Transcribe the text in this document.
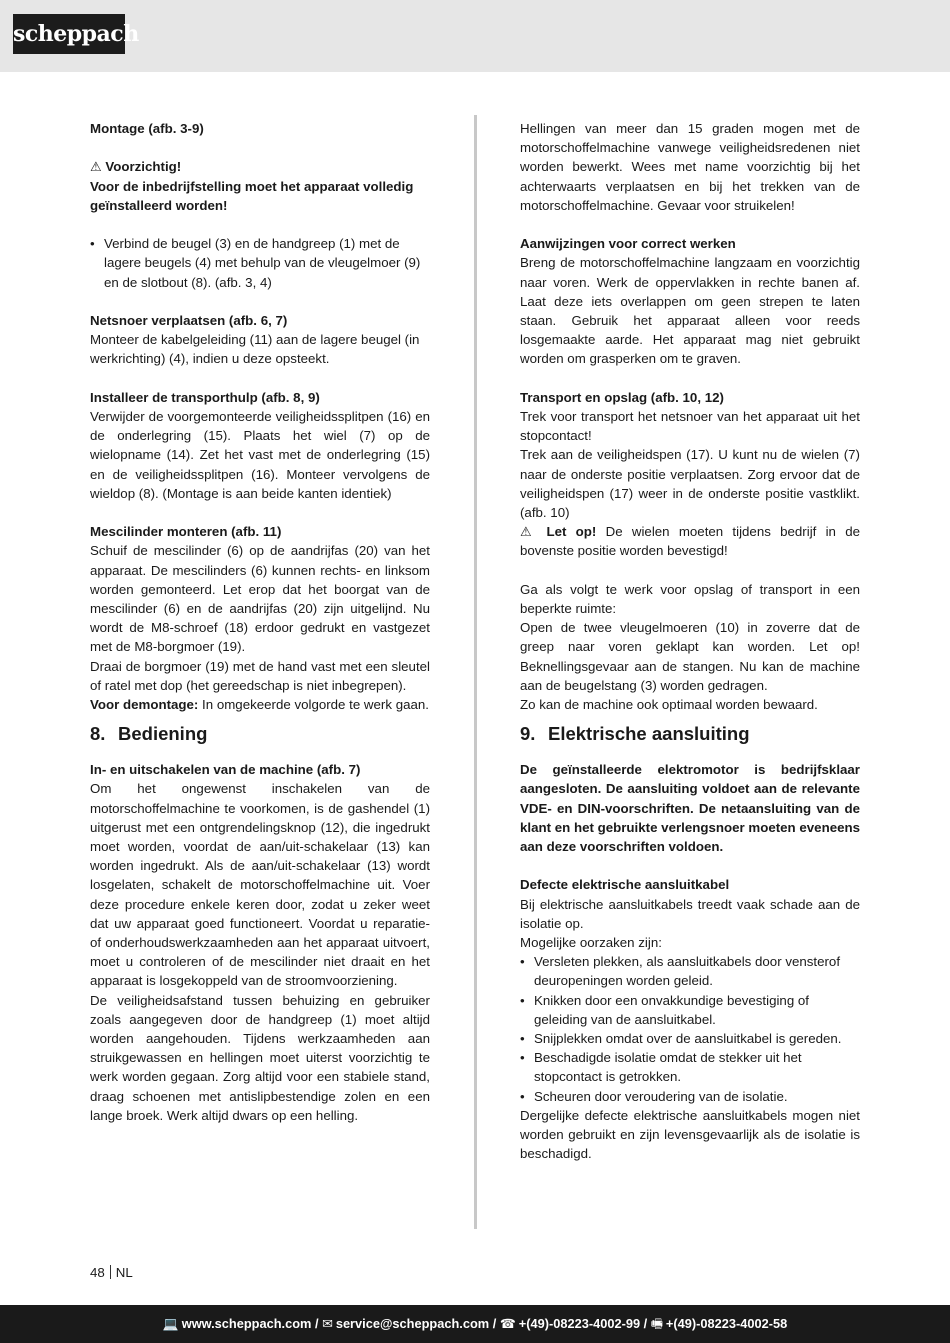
scheppach

Montage (afb. 3-9)

⚠ Voorzichtig!

Voor de inbedrijfstelling moet het apparaat volledig geïnstalleerd worden!

• Verbind de beugel (3) en de handgreep (1) met de lagere beugels (4) met behulp van de vleugelmoer (9) en de slotbout (8). (afb. 3, 4)

Netsnoer verplaatsen (afb. 6, 7)

Monteer de kabelgeleiding (11) aan de lagere beugel (in werkrichting) (4), indien u deze opsteekt.

Installeer de transporthulp (afb. 8, 9)

Verwijder de voorgemonteerde veiligheidssplitpen (16) en de onderlegring (15). Plaats het wiel (7) op de wielopname (14). Zet het vast met de onderlegring (15) en de veiligheidssplitpen (16). Monteer vervolgens de wieldop (8). (Montage is aan beide kanten identiek)

Mescilinder monteren (afb. 11)

Schuif de mescilinder (6) op de aandrijfas (20) van het apparaat. De mescilinders (6) kunnen rechts- en linksom worden gemonteerd. Let erop dat het boorgat van de mescilinder (6) en de aandrijfas (20) zijn uitgelijnd. Nu wordt de M8-schroef (18) erdoor gedrukt en vastgezet met de M8-borgmoer (19).

Draai de borgmoer (19) met de hand vast met een sleutel of ratel met dop (het gereedschap is niet inbegrepen).

Voor demontage: In omgekeerde volgorde te werk gaan.

8. Bediening

In- en uitschakelen van de machine (afb. 7)

Om het ongewenst inschakelen van de motorschoffelmachine te voorkomen, is de gashendel (1) uitgerust met een ontgrendelingsknop (12), die ingedrukt moet worden, voordat de aan/uit-schakelaar (13) kan worden ingedrukt. Als de aan/uit-schakelaar (13) wordt losgelaten, schakelt de motorschoffelmachine uit. Voer deze procedure enkele keren door, zodat u zeker weet dat uw apparaat goed functioneert. Voordat u reparatie- of onderhoudswerkzaamheden aan het apparaat uitvoert, moet u controleren of de mescilinder niet draait en het apparaat is losgekoppeld van de stroomvoorziening.

De veiligheidsafstand tussen behuizing en gebruiker zoals aangegeven door de handgreep (1) moet altijd worden aangehouden. Tijdens werkzaamheden aan struikgewassen en hellingen moet uiterst voorzichtig te werk worden gegaan. Zorg altijd voor een stabiele stand, draag schoenen met antislipbestendige zolen en een lange broek. Werk altijd dwars op een helling.

Hellingen van meer dan 15 graden mogen met de motorschoffelmachine vanwege veiligheidsredenen niet worden bewerkt. Wees met name voorzichtig bij het achterwaarts verplaatsen en bij het trekken van de motorschoffelmachine. Gevaar voor struikelen!

Aanwijzingen voor correct werken

Breng de motorschoffelmachine langzaam en voorzichtig naar voren. Werk de oppervlakken in rechte banen af. Laat deze iets overlappen om geen strepen te laten staan. Gebruik het apparaat alleen voor reeds losgemaakte aarde. Het apparaat mag niet gebruikt worden om grasperken om te graven.

Transport en opslag (afb. 10, 12)

Trek voor transport het netsnoer van het apparaat uit het stopcontact!

Trek aan de veiligheidspen (17). U kunt nu de wielen (7) naar de onderste positie verplaatsen. Zorg ervoor dat de veiligheidspen (17) weer in de onderste positie vastklikt. (afb. 10)

⚠ Let op! De wielen moeten tijdens bedrijf in de bovenste positie worden bevestigd!

Ga als volgt te werk voor opslag of transport in een beperkte ruimte:

Open de twee vleugelmoeren (10) in zoverre dat de greep naar voren geklapt kan worden. Let op! Beknellingsgevaar aan de stangen. Nu kan de machine aan de beugelstang (3) worden gedragen.

Zo kan de machine ook optimaal worden bewaard.

9. Elektrische aansluiting

De geïnstalleerde elektromotor is bedrijfsklaar aangesloten. De aansluiting voldoet aan de relevante VDE- en DIN-voorschriften. De netaansluiting van de klant en het gebruikte verlengsnoer moeten eveneens aan deze voorschriften voldoen.

Defecte elektrische aansluitkabel

Bij elektrische aansluitkabels treedt vaak schade aan de isolatie op.

Mogelijke oorzaken zijn:

• Versleten plekken, als aansluitkabels door vensterof deuropeningen worden geleid.
• Knikken door een onvakkundige bevestiging of geleiding van de aansluitkabel.
• Snijplekken omdat over de aansluitkabel is gereden.
• Beschadigde isolatie omdat de stekker uit het stopcontact is getrokken.
• Scheuren door veroudering van de isolatie.

Dergelijke defecte elektrische aansluitkabels mogen niet worden gebruikt en zijn levensgevaarlijk als de isolatie is beschadigd.

48 NL
💻 www.scheppach.com / ✉ service@scheppach.com / ☎ +(49)-08223-4002-99 / 🖷 +(49)-08223-4002-58
